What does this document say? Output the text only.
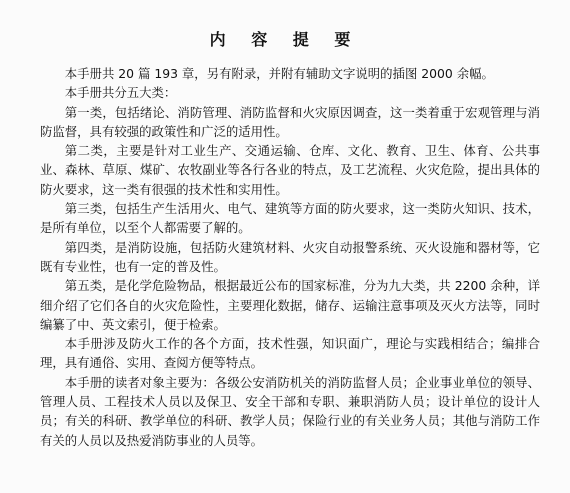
内 容 提 要

本手册共 20 篇 193 章，另有附录，并附有辅助文字说明的插图 2000 余幅。

本手册共分五大类：

第一类，包括绪论、消防管理、消防监督和火灾原因调查，这一类着重于宏观管理与消防监督，具有较强的政策性和广泛的适用性。

第二类，主要是针对工业生产、交通运输、仓库、文化、教育、卫生、体育、公共事业、森林、草原、煤矿、农牧副业等各行各业的特点，及工艺流程、火灾危险，提出具体的防火要求，这一类有很强的技术性和实用性。

第三类，包括生产生活用火、电气、建筑等方面的防火要求，这一类防火知识、技术，是所有单位，以至个人都需要了解的。

第四类，是消防设施，包括防火建筑材料、火灾自动报警系统、灭火设施和器材等，它既有专业性，也有一定的普及性。

第五类，是化学危险物品，根据最近公布的国家标准，分为九大类，共 2200 余种，详细介绍了它们各自的火灾危险性，主要理化数据，储存、运输注意事项及灭火方法等，同时编纂了中、英文索引，便于检索。

本手册涉及防火工作的各个方面，技术性强，知识面广，理论与实践相结合；编排合理，具有通俗、实用、查阅方便等特点。

本手册的读者对象主要为：各级公安消防机关的消防监督人员；企业事业单位的领导、管理人员、工程技术人员以及保卫、安全干部和专职、兼职消防人员；设计单位的设计人员；有关的科研、教学单位的科研、教学人员；保险行业的有关业务人员；其他与消防工作有关的人员以及热爱消防事业的人员等。
